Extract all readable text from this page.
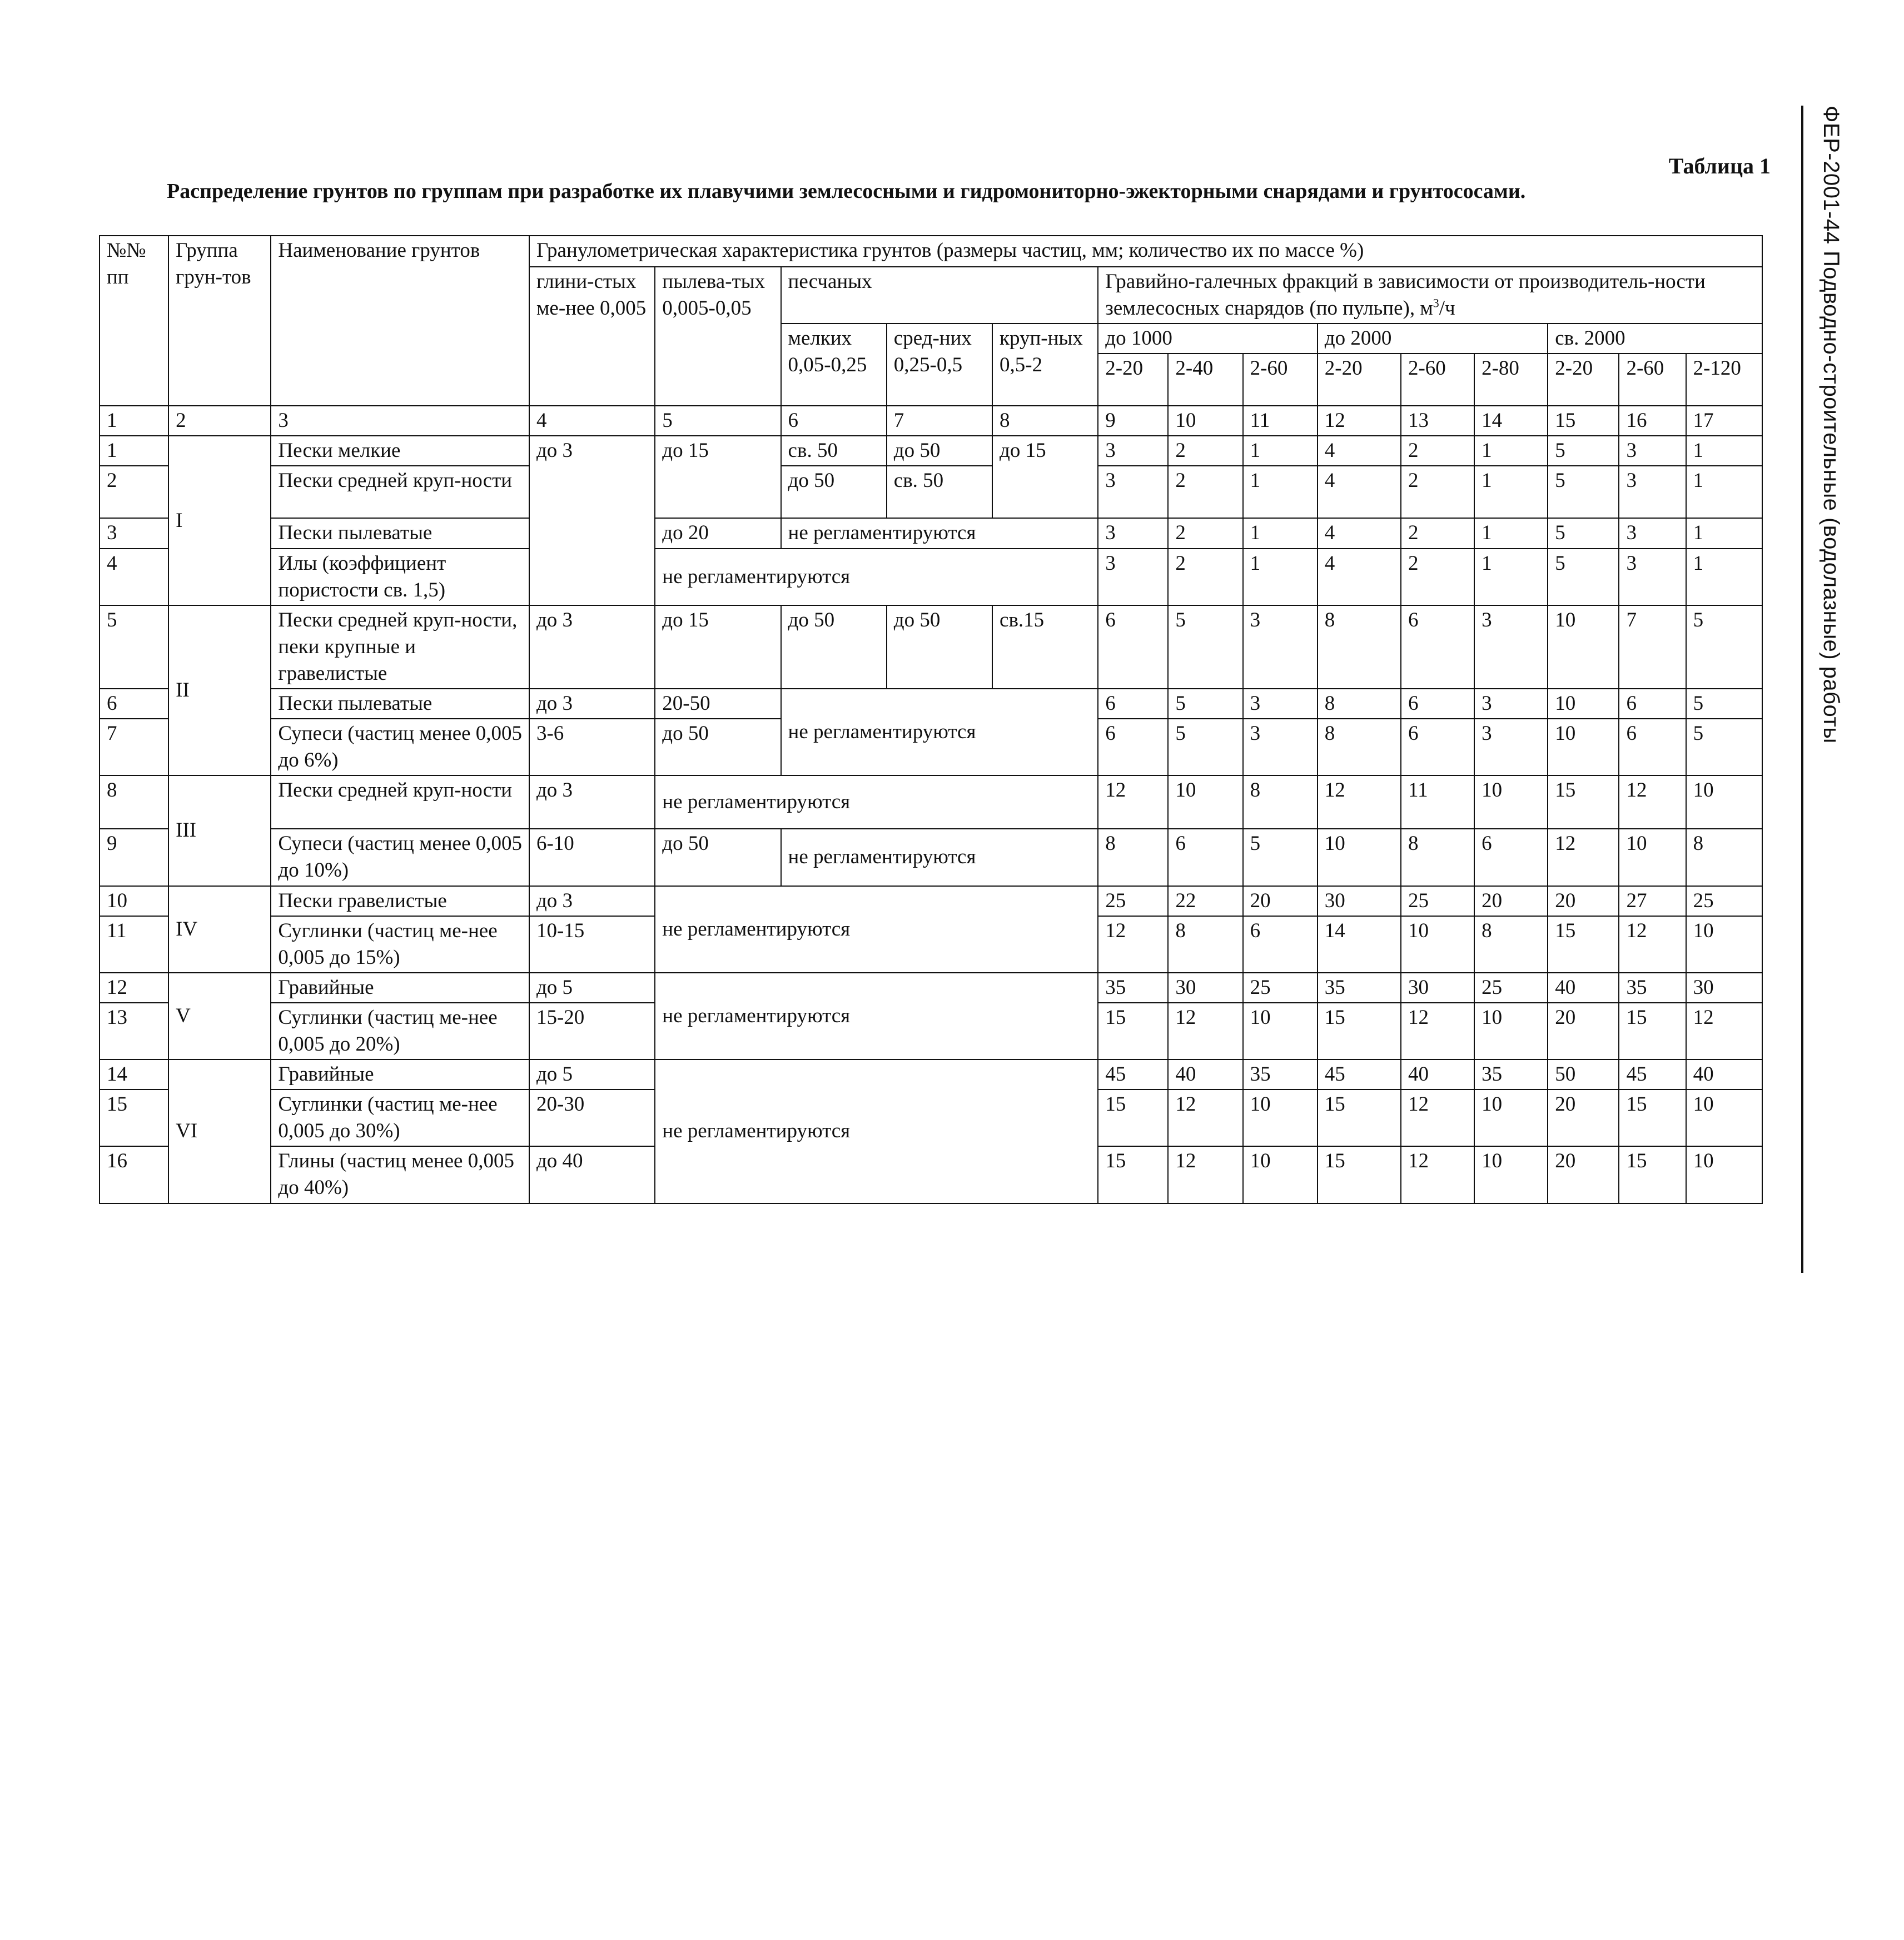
ФЕР-2001-44 Подводно-строительные (водолазные) работы
Таблица 1
Распределение грунтов по группам при разработке их плавучими землесосными и гидромониторно-эжекторными снарядами и грунтососами.
№№ пп	Группа грун-тов	Наименование грунтов	Гранулометрическая характеристика грунтов (размеры частиц, мм; количество их по массе %)													
			глини-стых ме-нее 0,005	пылева-тых 0,005-0,05	песчаных			Гравийно-галечных фракций в зависимости от производитель-ности землесосных снарядов (по пульпе), $м^3/ч$								
					мелких 0,05-0,25	сред-них 0,25-0,5	круп-ных 0,5-2	до 1000			до 2000			св. 2000		
								2-20	2-40	2-60	2-20	2-60	2-80	2-20	2-60	2-120

1	2	3	4	5	6	7	8	9	10	11	12	13	14	15	16	17
1	I	Пески мелкие	до 3	до 15	св. 50	до 50	до 15	3	2	1	4	2	1	5	3	1
2		Пески средней круп-ности			до 50	св. 50		3	2	1	4	2	1	5	3	1
3		Пески пылеватые		до 20	не регламентируются			3	2	1	4	2	1	5	3	1
4		Илы (коэффициент пористости св. 1,5)		не регламентируются				3	2	1	4	2	1	5	3	1
5	II	Пески средней круп-ности, пеки крупные и гравелистые	до 3	до 15	до 50	до 50	св.15	6	5	3	8	6	3	10	7	5
6		Пески пылеватые	до 3	20-50	не регламентируются			6	5	3	8	6	3	10	6	5
7		Супеси (частиц менее 0,005 до 6%)	3-6	до 50				6	5	3	8	6	3	10	6	5
8	III	Пески средней круп-ности	до 3	не регламентируются				12	10	8	12	11	10	15	12	10
9		Супеси (частиц менее 0,005 до 10%)	6-10	до 50	не регламентируются			8	6	5	10	8	6	12	10	8
10	IV	Пески гравелистые	до 3	не регламентируются				25	22	20	30	25	20	20	27	25
11		Суглинки (частиц ме-нее 0,005 до 15%)	10-15					12	8	6	14	10	8	15	12	10
12	V	Гравийные	до 5	не регламентируются				35	30	25	35	30	25	40	35	30
13		Суглинки (частиц ме-нее 0,005 до 20%)	15-20					15	12	10	15	12	10	20	15	12
14	VI	Гравийные	до 5	не регламентируются				45	40	35	45	40	35	50	45	40
15		Суглинки (частиц ме-нее 0,005 до 30%)	20-30					15	12	10	15	12	10	20	15	10
16		Глины (частиц менее 0,005 до 40%)	до 40					15	12	10	15	12	10	20	15	10
